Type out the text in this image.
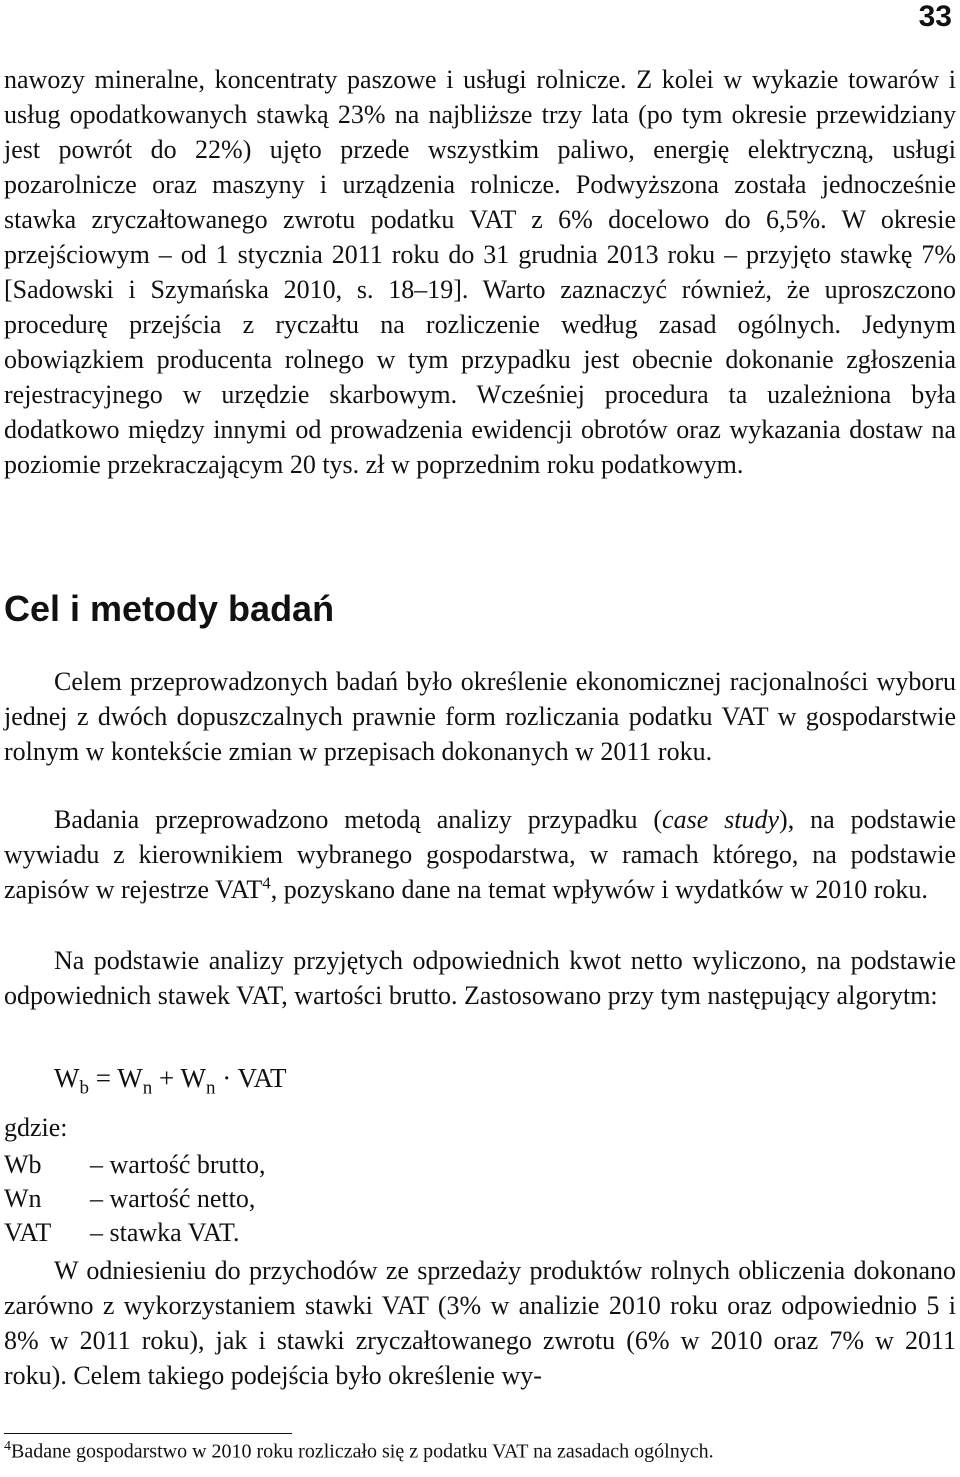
33

nawozy mineralne, koncentraty paszowe i usługi rolnicze. Z kolei w wykazie towarów i usług opodatkowanych stawką 23% na najbliższe trzy lata (po tym okresie przewidziany jest powrót do 22%) ujęto przede wszystkim paliwo, energię elektryczną, usługi pozarolnicze oraz maszyny i urządzenia rolnicze. Podwyższona została jednocześnie stawka zryczałtowanego zwrotu podatku VAT z 6% docelowo do 6,5%. W okresie przejściowym – od 1 stycznia 2011 roku do 31 grudnia 2013 roku – przyjęto stawkę 7% [Sadowski i Szymańska 2010, s. 18–19]. Warto zaznaczyć również, że uproszczono procedurę przejścia z ryczałtu na rozliczenie według zasad ogólnych. Jedynym obowiązkiem producenta rolnego w tym przypadku jest obecnie dokonanie zgłoszenia rejestracyjnego w urzędzie skarbowym. Wcześniej procedura ta uzależniona była dodatkowo między innymi od prowadzenia ewidencji obrotów oraz wykazania dostaw na poziomie przekraczającym 20 tys. zł w poprzednim roku podatkowym.

Cel i metody badań

Celem przeprowadzonych badań było określenie ekonomicznej racjonalności wyboru jednej z dwóch dopuszczalnych prawnie form rozliczania podatku VAT w gospodarstwie rolnym w kontekście zmian w przepisach dokonanych w 2011 roku.

Badania przeprowadzono metodą analizy przypadku (case study), na podstawie wywiadu z kierownikiem wybranego gospodarstwa, w ramach którego, na podstawie zapisów w rejestrze VAT$^4$, pozyskano dane na temat wpływów i wydatków w 2010 roku.

Na podstawie analizy przyjętych odpowiednich kwot netto wyliczono, na podstawie odpowiednich stawek VAT, wartości brutto. Zastosowano przy tym następujący algorytm:

$W_b = W_n + W_n$ · VAT
gdzie:
Wb	– wartość brutto,
Wn	– wartość netto,
VAT	– stawka VAT.

W odniesieniu do przychodów ze sprzedaży produktów rolnych obliczenia dokonano zarówno z wykorzystaniem stawki VAT (3% w analizie 2010 roku oraz odpowiednio 5 i 8% w 2011 roku), jak i stawki zryczałtowanego zwrotu (6% w 2010 oraz 7% w 2011 roku). Celem takiego podejścia było określenie wy-

$^4$Badane gospodarstwo w 2010 roku rozliczało się z podatku VAT na zasadach ogólnych.
